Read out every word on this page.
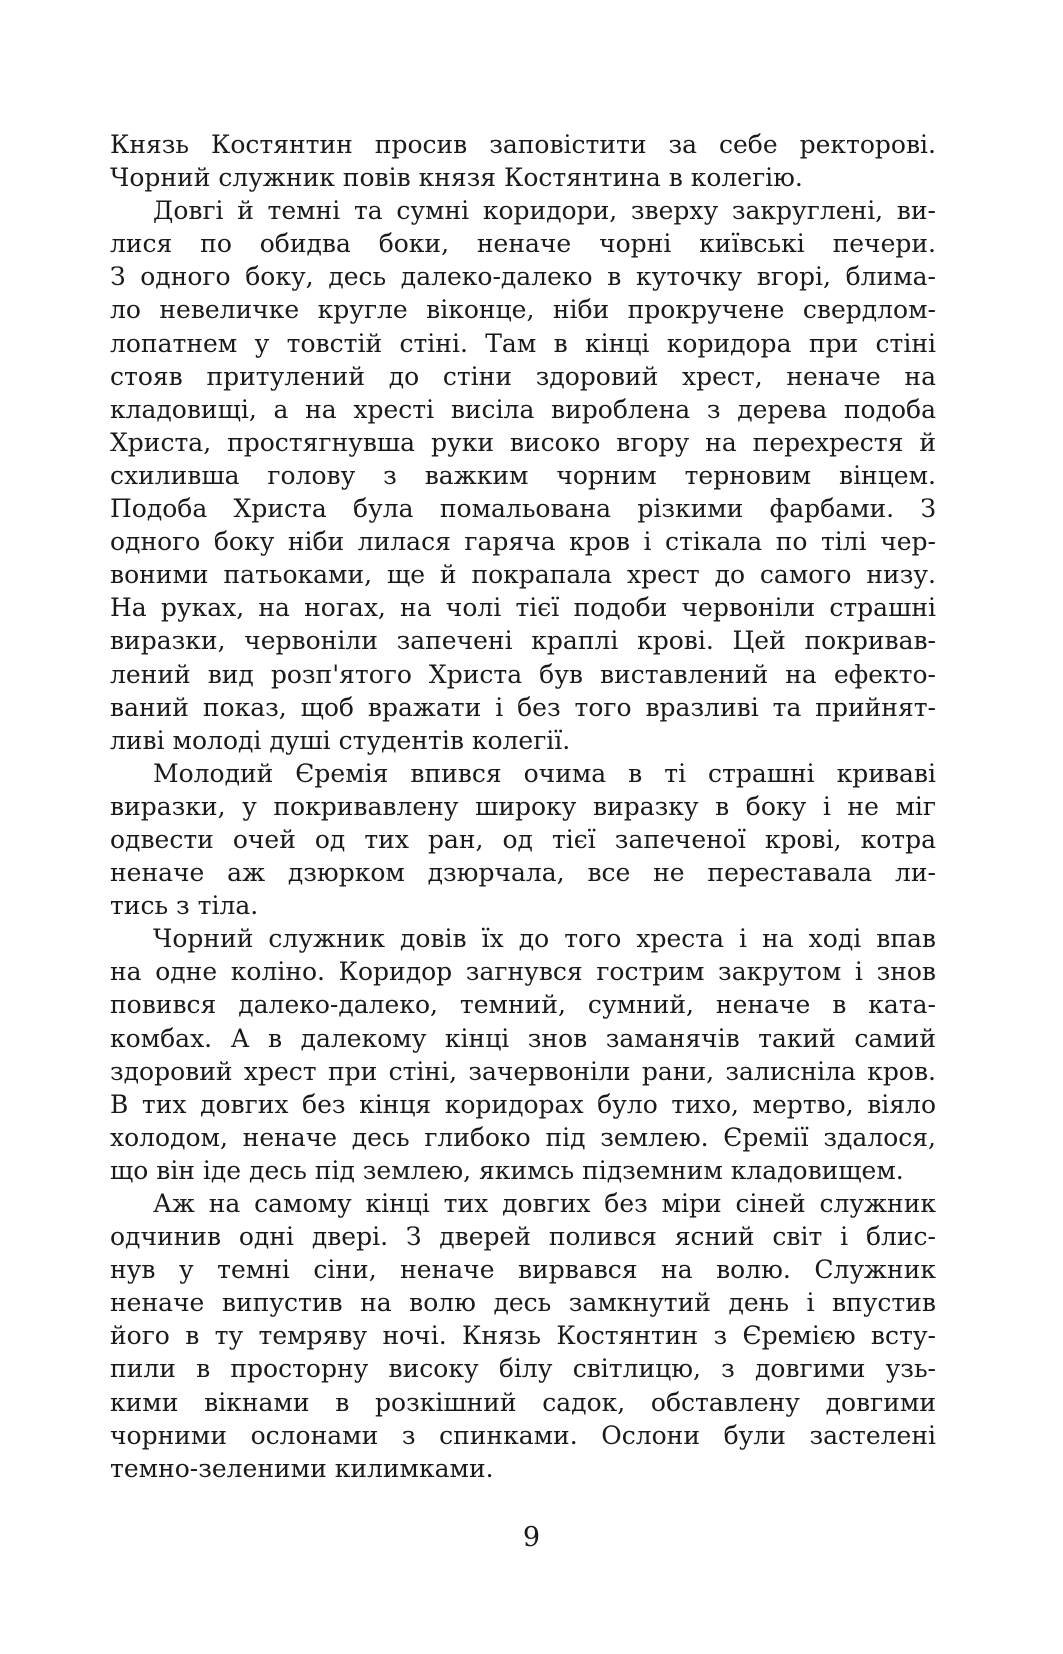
Князь Костянтин просив заповістити за себе ректорові.
Чорний служник повів князя Костянтина в колегію.
Довгі й темні та сумні коридори, зверху закруглені, ви-
лися по обидва боки, неначе чорні київські печери.
З одного боку, десь далеко-далеко в куточку вгорі, блима-
ло невеличке кругле віконце, ніби прокручене свердлом-
лопатнем у товстій стіні. Там в кінці коридора при стіні
стояв притулений до стіни здоровий хрест, неначе на
кладовищі, а на хресті висіла вироблена з дерева подоба
Христа, простягнувша руки високо вгору на перехрестя й
схиливша голову з важким чорним терновим вінцем.
Подоба Христа була помальована різкими фарбами. З
одного боку ніби лилася гаряча кров і стікала по тілі чер-
воними патьоками, ще й покрапала хрест до самого низу.
На руках, на ногах, на чолі тієї подоби червоніли страшні
виразки, червоніли запечені краплі крові. Цей покривав-
лений вид розп'ятого Христа був виставлений на ефекто-
ваний показ, щоб вражати і без того вразливі та прийнят-
ливі молоді душі студентів колегії.
Молодий Єремія впився очима в ті страшні криваві
виразки, у покривавлену широку виразку в боку і не міг
одвести очей од тих ран, од тієї запеченої крові, котра
неначе аж дзюрком дзюрчала, все не переставала ли-
тись з тіла.
Чорний служник довів їх до того хреста і на ході впав
на одне коліно. Коридор загнувся гострим закрутом і знов
повився далеко-далеко, темний, сумний, неначе в ката-
комбах. А в далекому кінці знов заманячів такий самий
здоровий хрест при стіні, зачервоніли рани, залисніла кров.
В тих довгих без кінця коридорах було тихо, мертво, віяло
холодом, неначе десь глибоко під землею. Єремії здалося,
що він іде десь під землею, якимсь підземним кладовищем.
Аж на самому кінці тих довгих без міри сіней служник
одчинив одні двері. З дверей полився ясний світ і блис-
нув у темні сіни, неначе вирвався на волю. Служник
неначе випустив на волю десь замкнутий день і впустив
його в ту темряву ночі. Князь Костянтин з Єремією всту-
пили в просторну високу білу світлицю, з довгими узь-
кими вікнами в розкішний садок, обставлену довгими
чорними ослонами з спинками. Ослони були застелені
темно-зеленими килимками.
9
